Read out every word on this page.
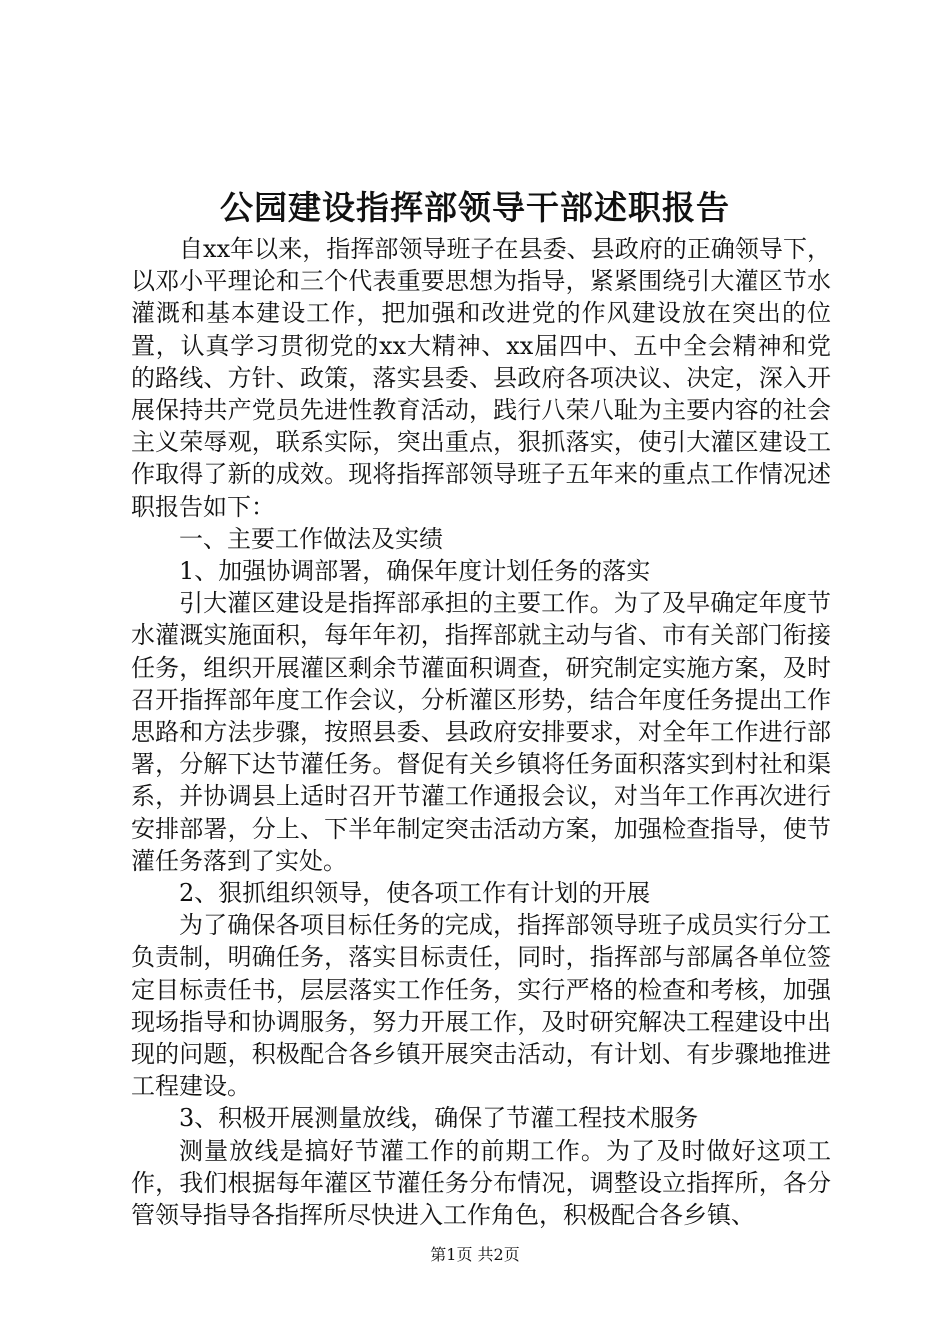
公园建设指挥部领导干部述职报告

自xx年以来，指挥部领导班子在县委、县政府的正确领导下，以邓小平理论和三个代表重要思想为指导，紧紧围绕引大灌区节水灌溉和基本建设工作，把加强和改进党的作风建设放在突出的位置，认真学习贯彻党的xx大精神、xx届四中、五中全会精神和党的路线、方针、政策，落实县委、县政府各项决议、决定，深入开展保持共产党员先进性教育活动，践行八荣八耻为主要内容的社会主义荣辱观，联系实际，突出重点，狠抓落实，使引大灌区建设工作取得了新的成效。现将指挥部领导班子五年来的重点工作情况述职报告如下：

一、主要工作做法及实绩

1、加强协调部署，确保年度计划任务的落实

引大灌区建设是指挥部承担的主要工作。为了及早确定年度节水灌溉实施面积，每年年初，指挥部就主动与省、市有关部门衔接任务，组织开展灌区剩余节灌面积调查，研究制定实施方案，及时召开指挥部年度工作会议，分析灌区形势，结合年度任务提出工作思路和方法步骤，按照县委、县政府安排要求，对全年工作进行部署，分解下达节灌任务。督促有关乡镇将任务面积落实到村社和渠系，并协调县上适时召开节灌工作通报会议，对当年工作再次进行安排部署，分上、下半年制定突击活动方案，加强检查指导，使节灌任务落到了实处。

2、狠抓组织领导，使各项工作有计划的开展

为了确保各项目标任务的完成，指挥部领导班子成员实行分工负责制，明确任务，落实目标责任，同时，指挥部与部属各单位签定目标责任书，层层落实工作任务，实行严格的检查和考核，加强现场指导和协调服务，努力开展工作，及时研究解决工程建设中出现的问题，积极配合各乡镇开展突击活动，有计划、有步骤地推进工程建设。

3、积极开展测量放线，确保了节灌工程技术服务

测量放线是搞好节灌工作的前期工作。为了及时做好这项工作，我们根据每年灌区节灌任务分布情况，调整设立指挥所，各分管领导指导各指挥所尽快进入工作角色，积极配合各乡镇、

第1页 共2页
